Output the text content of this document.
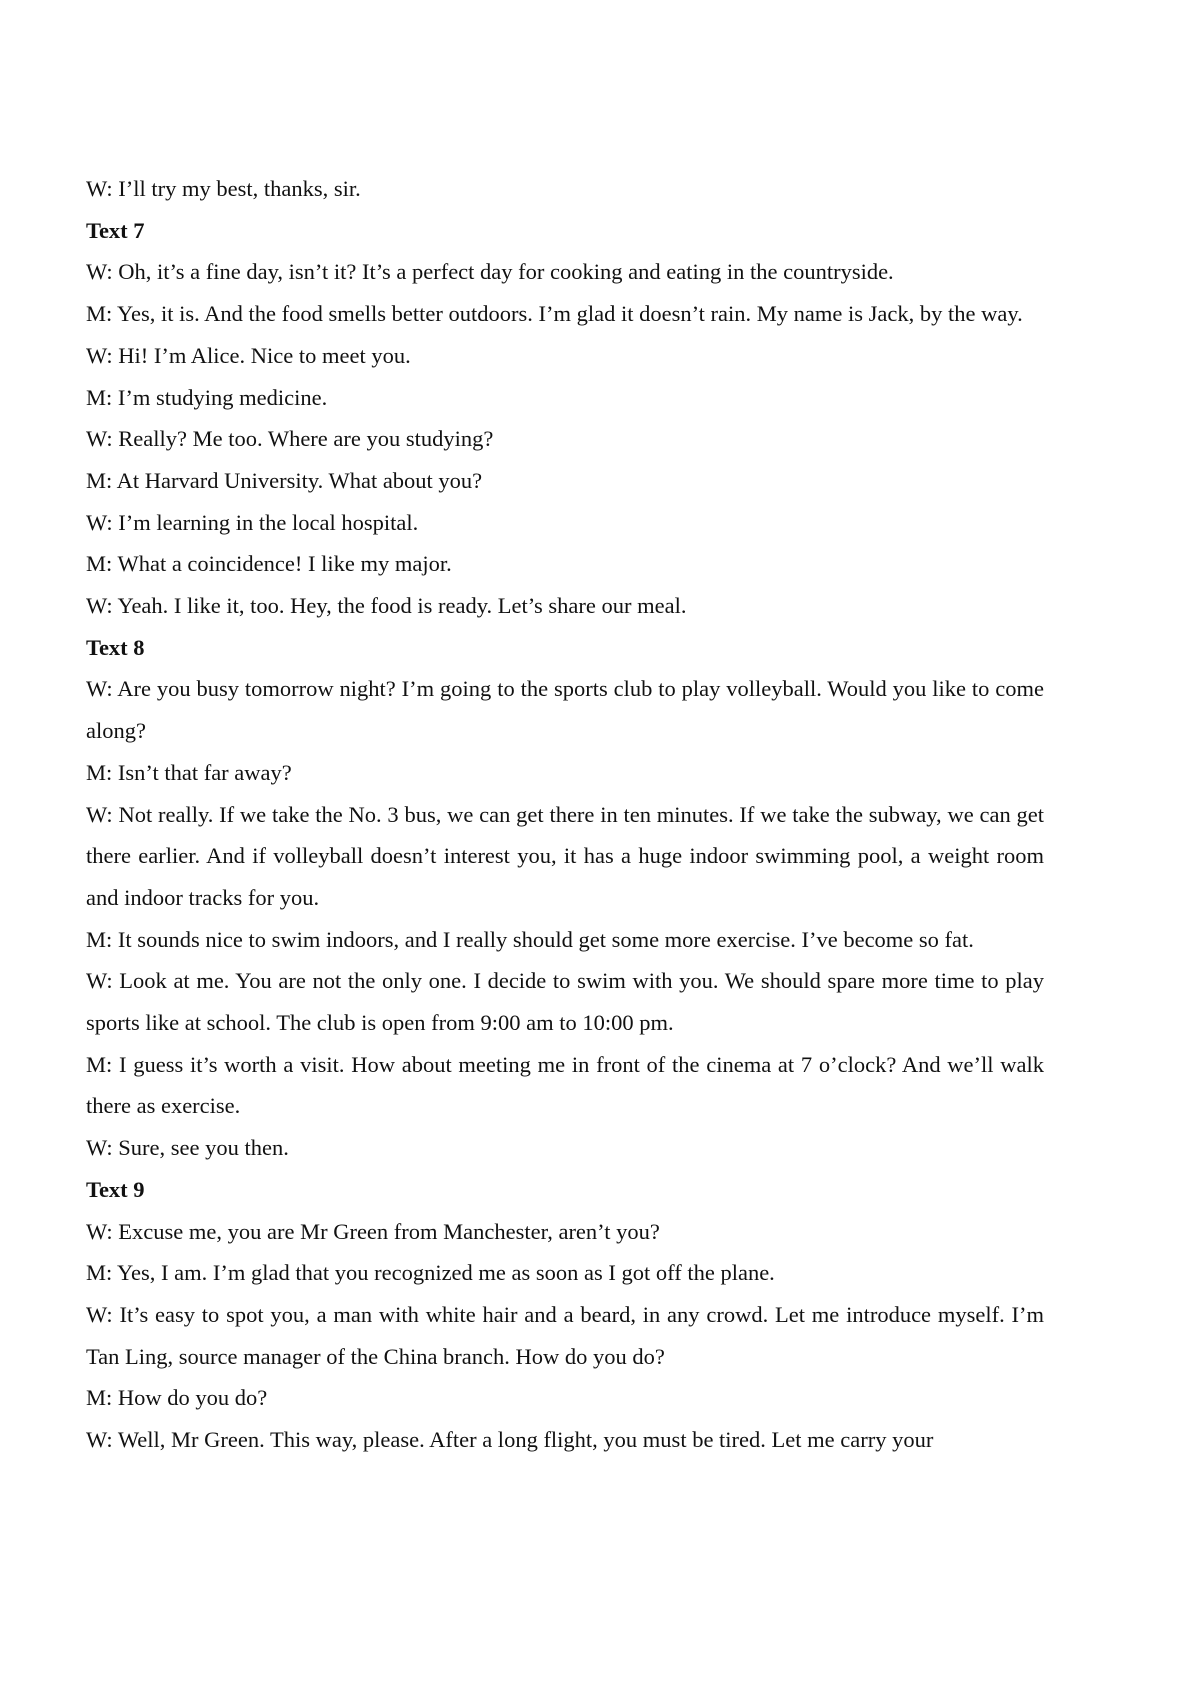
W: I’ll try my best, thanks, sir.

Text 7

W: Oh, it’s a fine day, isn’t it? It’s a perfect day for cooking and eating in the countryside.

M: Yes, it is. And the food smells better outdoors. I’m glad it doesn’t rain. My name is Jack, by the way.

W: Hi! I’m Alice. Nice to meet you.

M: I’m studying medicine.

W: Really? Me too. Where are you studying?

M: At Harvard University. What about you?

W: I’m learning in the local hospital.

M: What a coincidence! I like my major.

W: Yeah. I like it, too. Hey, the food is ready. Let’s share our meal.

Text 8

W: Are you busy tomorrow night? I’m going to the sports club to play volleyball. Would you like to come along?

M: Isn’t that far away?

W: Not really. If we take the No. 3 bus, we can get there in ten minutes. If we take the subway, we can get there earlier. And if volleyball doesn’t interest you, it has a huge indoor swimming pool, a weight room and indoor tracks for you.

M: It sounds nice to swim indoors, and I really should get some more exercise. I’ve become so fat.

W: Look at me. You are not the only one. I decide to swim with you. We should spare more time to play sports like at school. The club is open from 9:00 am to 10:00 pm.

M: I guess it’s worth a visit. How about meeting me in front of the cinema at 7 o’clock? And we’ll walk there as exercise.

W: Sure, see you then.

Text 9

W: Excuse me, you are Mr Green from Manchester, aren’t you?

M: Yes, I am. I’m glad that you recognized me as soon as I got off the plane.

W: It’s easy to spot you, a man with white hair and a beard, in any crowd. Let me introduce myself. I’m Tan Ling, source manager of the China branch. How do you do?

M: How do you do?

W: Well, Mr Green. This way, please. After a long flight, you must be tired. Let me carry your
